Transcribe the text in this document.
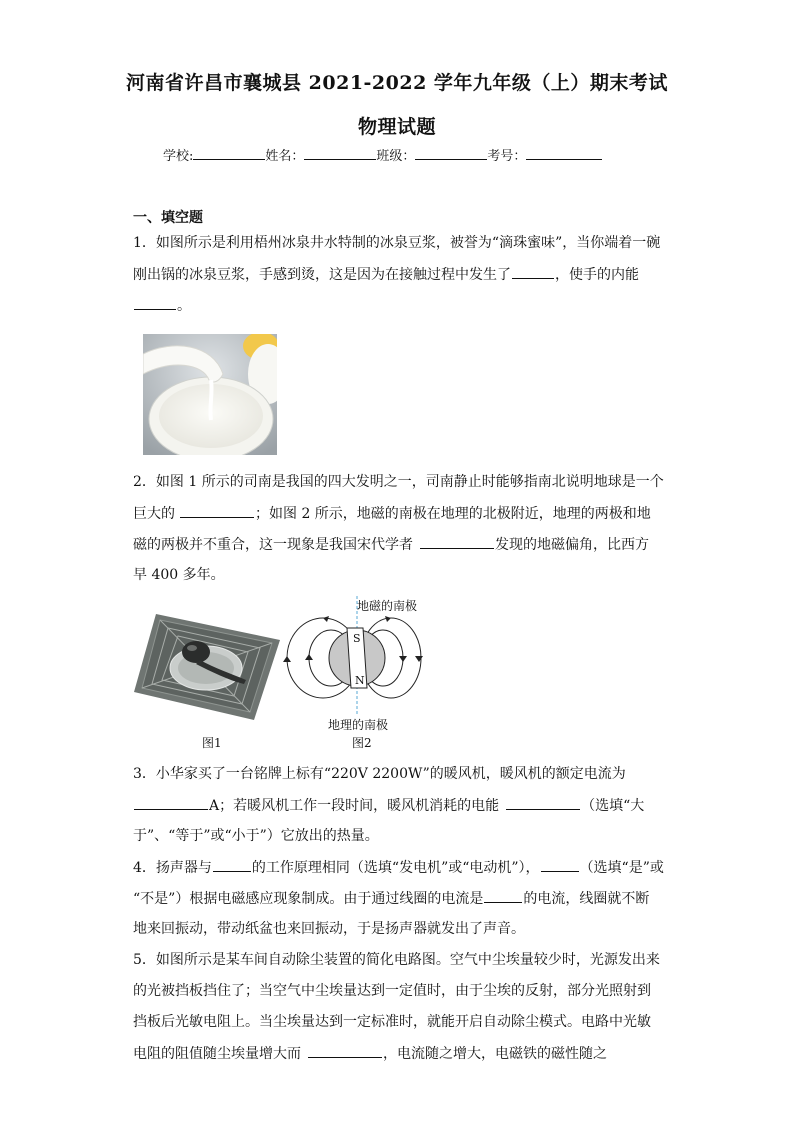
河南省许昌市襄城县 2021-2022 学年九年级（上）期末考试
物理试题
学校:	姓名：	班级：	考号：
一、填空题
1．如图所示是利用梧州冰泉井水特制的冰泉豆浆，被誉为“滴珠蜜味”，当你端着一碗
刚出锅的冰泉豆浆，手感到烫，这是因为在接触过程中发生了	，使手的内能
。
2．如图 1 所示的司南是我国的四大发明之一，司南静止时能够指南北说明地球是一个
巨大的	；如图 2 所示，地磁的南极在地理的北极附近，地理的两极和地
磁的两极并不重合，这一现象是我国宋代学者	发现的地磁偏角，比西方
早 400 多年。
S
N
地磁的南极
地理的南极
图1	图2
3．小华家买了一台铭牌上标有“220V 2200W”的暖风机，暖风机的额定电流为
A；若暖风机工作一段时间，暖风机消耗的电能	（选填“大
于”、“等于”或“小于”）它放出的热量。
4．扬声器与	的工作原理相同（选填“发电机”或“电动机”），	（选填“是”或
“不是”）根据电磁感应现象制成。由于通过线圈的电流是	的电流，线圈就不断
地来回振动，带动纸盆也来回振动，于是扬声器就发出了声音。
5．如图所示是某车间自动除尘装置的简化电路图。空气中尘埃量较少时，光源发出来
的光被挡板挡住了；当空气中尘埃量达到一定值时，由于尘埃的反射，部分光照射到
挡板后光敏电阻上。当尘埃量达到一定标准时，就能开启自动除尘模式。电路中光敏
电阻的阻值随尘埃量增大而	，电流随之增大，电磁铁的磁性随之
